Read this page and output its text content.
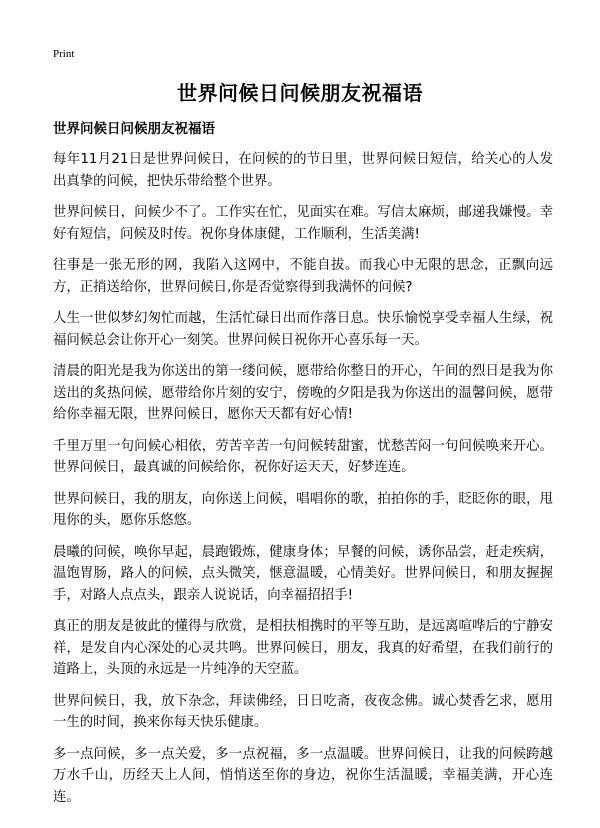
Print
世界问候日问候朋友祝福语
世界问候日问候朋友祝福语

每年11月21日是世界问候日，在问候的的节日里，世界问候日短信，给关心的人发出真挚的问候，把快乐带给整个世界。

世界问候日，问候少不了。工作实在忙，见面实在难。写信太麻烦，邮递我嫌慢。幸好有短信，问候及时传。祝你身体康健，工作顺利，生活美满!

往事是一张无形的网，我陷入这网中，不能自拔。而我心中无限的思念，正飘向远方，正捎送给你，世界问候日,你是否觉察得到我满怀的问候?

人生一世似梦幻匆忙而越，生活忙碌日出而作落日息。快乐愉悦享受幸福人生绿，祝福问候总会让你开心一刻笑。世界问候日祝你开心喜乐每一天。

清晨的阳光是我为你送出的第一缕问候，愿带给你整日的开心，午间的烈日是我为你送出的炙热问候，愿带给你片刻的安宁，傍晚的夕阳是我为你送出的温馨问候，愿带给你幸福无限，世界问候日，愿你天天都有好心情!

千里万里一句问候心相依，劳苦辛苦一句问候转甜蜜，忧愁苦闷一句问候唤来开心。世界问候日，最真诚的问候给你，祝你好运天天，好梦连连。

世界问候日，我的朋友，向你送上问候，唱唱你的歌，拍拍你的手，眨眨你的眼，甩甩你的头，愿你乐悠悠。

晨曦的问候，唤你早起，晨跑锻炼，健康身体；早餐的问候，诱你品尝，赶走疾病，温饱胃肠，路人的问候，点头微笑，惬意温暖，心情美好。世界问候日，和朋友握握手，对路人点点头，跟亲人说说话，向幸福招招手!

真正的朋友是彼此的懂得与欣赏，是相扶相携时的平等互助，是远离喧哗后的宁静安祥，是发自内心深处的心灵共鸣。世界问候日，朋友，我真的好希望，在我们前行的道路上，头顶的永远是一片纯净的天空蓝。

世界问候日，我，放下杂念，拜读佛经，日日吃斋，夜夜念佛。诚心焚香乞求，愿用一生的时间，换来你每天快乐健康。

多一点问候，多一点关爱，多一点祝福，多一点温暖。世界问候日，让我的问候跨越万水千山，历经天上人间，悄悄送至你的身边，祝你生活温暖，幸福美满，开心连连。
